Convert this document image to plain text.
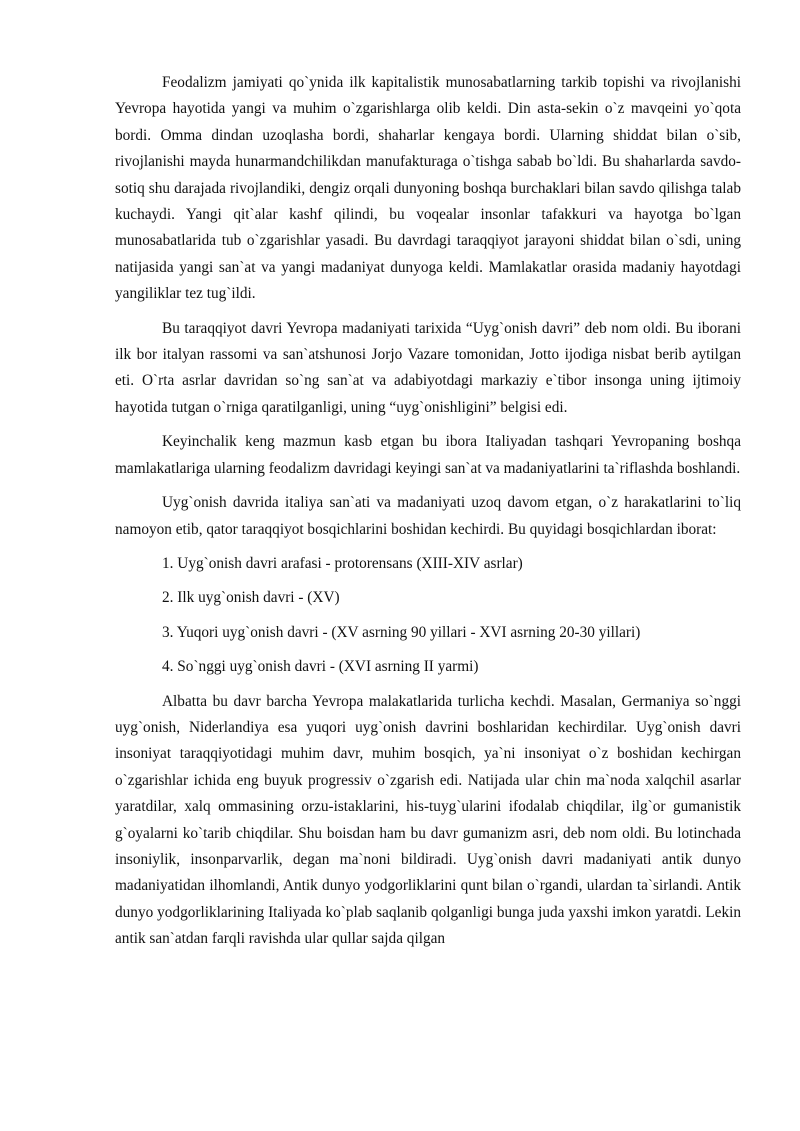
Feodalizm jamiyati qo`ynida ilk kapitalistik munosabatlarning tarkib topishi va rivojlanishi Yevropa hayotida yangi va muhim o`zgarishlarga olib keldi. Din asta-sekin o`z mavqeini yo`qota bordi. Omma dindan uzoqlasha bordi, shaharlar kengaya bordi. Ularning shiddat bilan o`sib, rivojlanishi mayda hunarmandchilikdan manufakturaga o`tishga sabab bo`ldi. Bu shaharlarda savdo-sotiq shu darajada rivojlandiki, dengiz orqali dunyoning boshqa burchaklari bilan savdo qilishga talab kuchaydi. Yangi qit`alar kashf qilindi, bu voqealar insonlar tafakkuri va hayotga bo`lgan munosabatlarida tub o`zgarishlar yasadi. Bu davrdagi taraqqiyot jarayoni shiddat bilan o`sdi, uning natijasida yangi san`at va yangi madaniyat dunyoga keldi. Mamlakatlar orasida madaniy hayotdagi yangiliklar tez tug`ildi.

Bu taraqqiyot davri Yevropa madaniyati tarixida “Uyg`onish davri” deb nom oldi. Bu iborani ilk bor italyan rassomi va san`atshunosi Jorjo Vazare tomonidan, Jotto ijodiga nisbat berib aytilgan eti. O`rta asrlar davridan so`ng san`at va adabiyotdagi markaziy e`tibor insonga uning ijtimoiy hayotida tutgan o`rniga qaratilganligi, uning “uyg`onishligini” belgisi edi.

Keyinchalik keng mazmun kasb etgan bu ibora Italiyadan tashqari Yevropaning boshqa mamlakatlariga ularning feodalizm davridagi keyingi san`at va madaniyatlarini ta`riflashda boshlandi.

Uyg`onish davrida italiya san`ati va madaniyati uzoq davom etgan, o`z harakatlarini to`liq namoyon etib, qator taraqqiyot bosqichlarini boshidan kechirdi. Bu quyidagi bosqichlardan iborat:

1. Uyg`onish davri arafasi - protorensans (XIII-XIV asrlar)
2. Ilk uyg`onish davri - (XV)
3. Yuqori uyg`onish davri - (XV asrning 90 yillari - XVI asrning 20-30 yillari)
4. So`nggi uyg`onish davri - (XVI asrning II yarmi)

Albatta bu davr barcha Yevropa malakatlarida turlicha kechdi. Masalan, Germaniya so`nggi uyg`onish, Niderlandiya esa yuqori uyg`onish davrini boshlaridan kechirdilar. Uyg`onish davri insoniyat taraqqiyotidagi muhim davr, muhim bosqich, ya`ni insoniyat o`z boshidan kechirgan o`zgarishlar ichida eng buyuk progressiv o`zgarish edi. Natijada ular chin ma`noda xalqchil asarlar yaratdilar, xalq ommasining orzu-istaklarini, his-tuyg`ularini ifodalab chiqdilar, ilg`or gumanistik g`oyalarni ko`tarib chiqdilar. Shu boisdan ham bu davr gumanizm asri, deb nom oldi. Bu lotinchada insoniylik, insonparvarlik, degan ma`noni bildiradi. Uyg`onish davri madaniyati antik dunyo madaniyatidan ilhomlandi, Antik dunyo yodgorliklarini qunt bilan o`rgandi, ulardan ta`sirlandi. Antik dunyo yodgorliklarining Italiyada ko`plab saqlanib qolganligi bunga juda yaxshi imkon yaratdi. Lekin antik san`atdan farqli ravishda ular qullar sajda qilgan
